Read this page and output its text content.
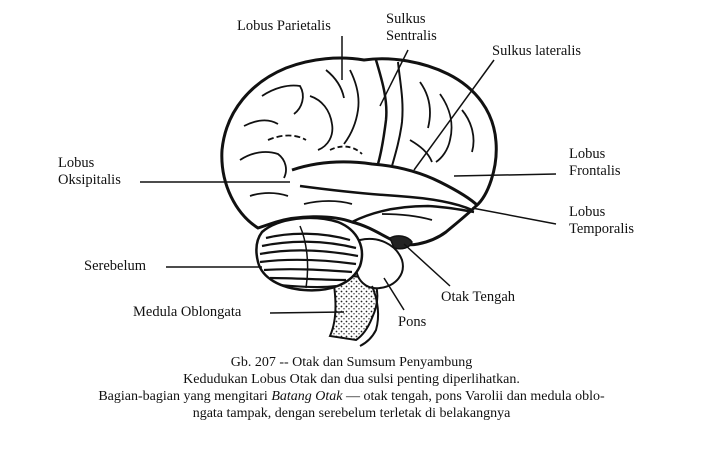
Lobus Parietalis	Sulkus
Sentralis
Sulkus lateralis
Lobus
Oksipitalis
Lobus
Frontalis
Lobus
Temporalis
Serebelum
Otak Tengah
Medula Oblongata
Pons
Gb. 207 -- Otak dan Sumsum Penyambung
Kedudukan Lobus Otak dan dua sulsi penting diperlihatkan.
Bagian-bagian yang mengitari Batang Otak — otak tengah, pons Varolii dan medula oblo-
ngata tampak, dengan serebelum terletak di belakangnya
